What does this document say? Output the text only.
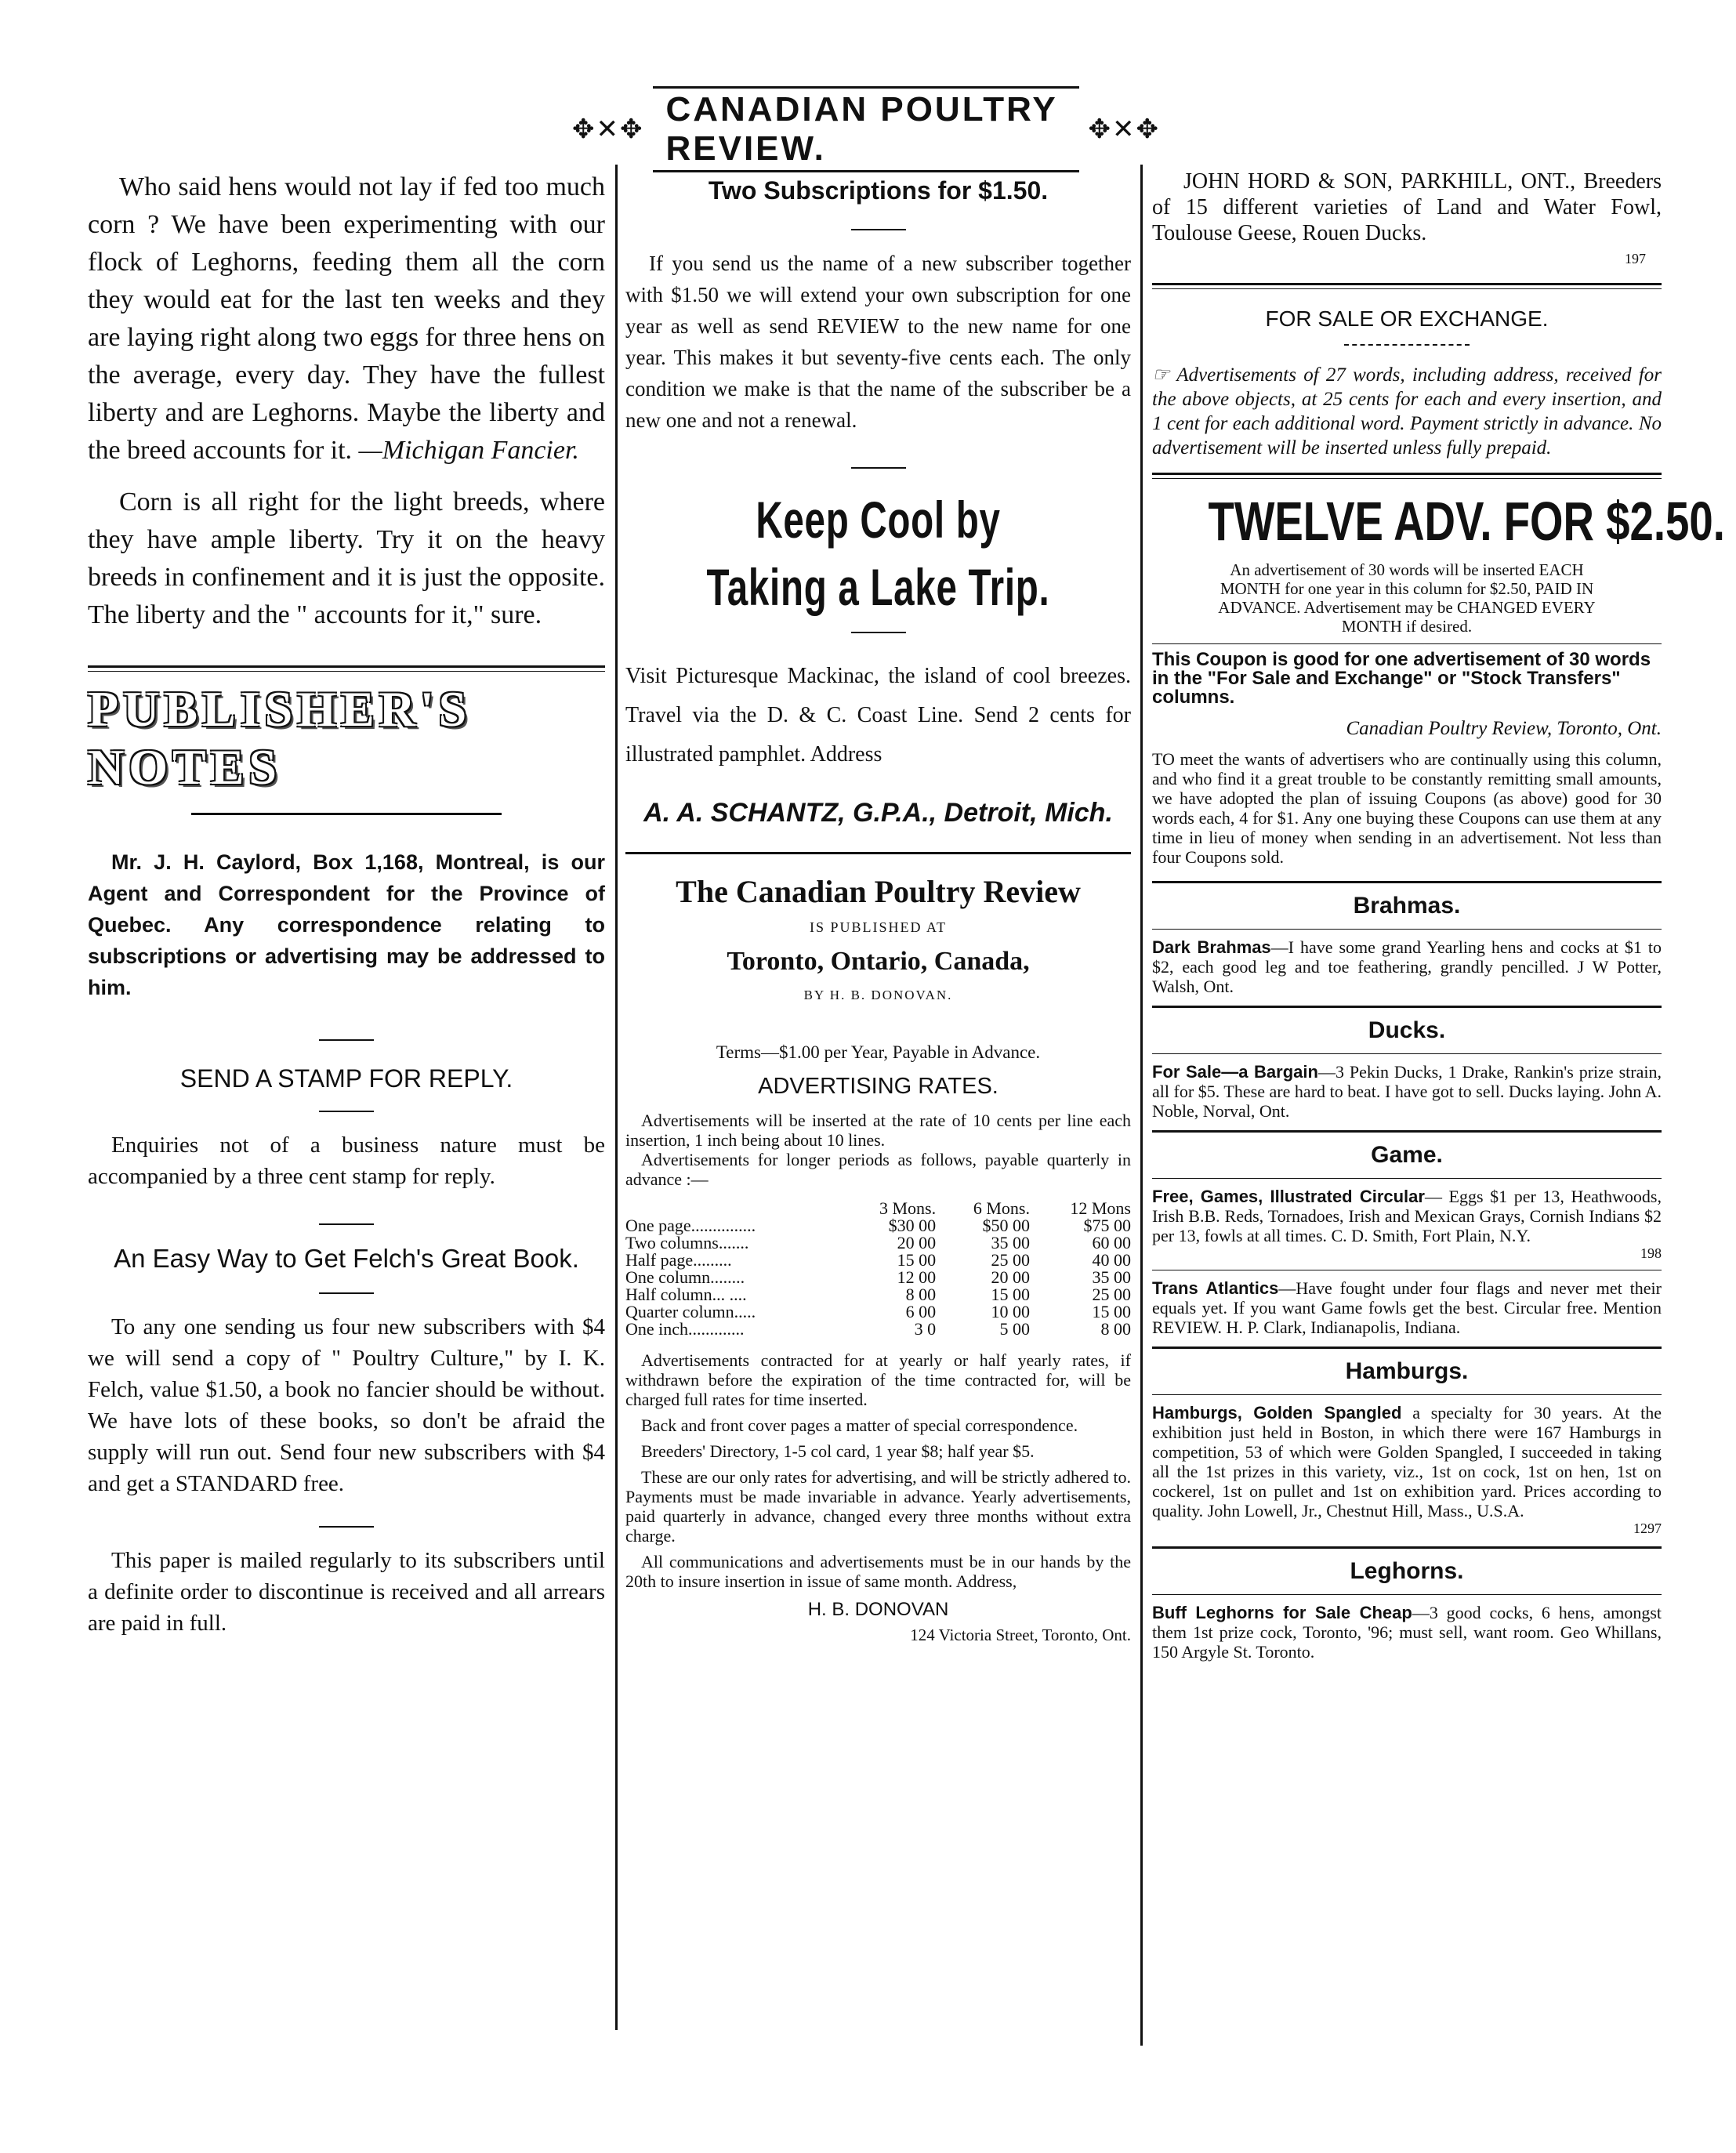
✥✕✥
CANADIAN POULTRY REVIEW.	✥✕✥

Who said hens would not lay if fed too much corn ? We have been experimenting with our flock of Leghorns, feeding them all the corn they would eat for the last ten weeks and they are laying right along two eggs for three hens on the average, every day. They have the fullest liberty and are Leghorns. Maybe the liberty and the breed accounts for it. —Michigan Fancier.

Corn is all right for the light breeds, where they have ample liberty. Try it on the heavy breeds in confinement and it is just the opposite. The liberty and the " accounts for it," sure.

PUBLISHER'S NOTES

Mr. J. H. Caylord, Box 1,168, Montreal, is our Agent and Correspondent for the Province of Quebec. Any correspondence relating to subscriptions or advertising may be addressed to him.

SEND A STAMP FOR REPLY.

Enquiries not of a business nature must be accompanied by a three cent stamp for reply.

An Easy Way to Get Felch's Great Book.

To any one sending us four new subscribers with $4 we will send a copy of " Poultry Culture," by I. K. Felch, value $1.50, a book no fancier should be without. We have lots of these books, so don't be afraid the supply will run out. Send four new subscribers with $4 and get a STANDARD free.

This paper is mailed regularly to its subscribers until a definite order to discontinue is received and all arrears are paid in full.

Two Subscriptions for $1.50.

If you send us the name of a new subscriber together with $1.50 we will extend your own subscription for one year as well as send REVIEW to the new name for one year. This makes it but seventy-five cents each. The only condition we make is that the name of the subscriber be a new one and not a renewal.

Keep Cool by Taking a Lake Trip.

Visit Picturesque Mackinac, the island of cool breezes. Travel via the D. & C. Coast Line. Send 2 cents for illustrated pamphlet. Address

A. A. SCHANTZ, G.P.A., Detroit, Mich.
The Canadian Poultry Review
IS PUBLISHED AT
Toronto, Ontario, Canada,
BY H. B. DONOVAN.
Terms—$1.00 per Year, Payable in Advance.
ADVERTISING RATES.

Advertisements will be inserted at the rate of 10 cents per line each insertion, 1 inch being about 10 lines.

Advertisements for longer periods as follows, payable quarterly in advance :—

	3 Mons.	6 Mons.	12 Mons
One page...............	$30 00	$50 00	$75 00
Two columns.......	20 00	35 00	60 00
Half page.........	15 00	25 00	40 00
One column........	12 00	20 00	35 00
Half column... ....	8 00	15 00	25 00
Quarter column.....	6 00	10 00	15 00
One inch.............	3 0	5 00	8 00

Advertisements contracted for at yearly or half yearly rates, if withdrawn before the expiration of the time contracted for, will be charged full rates for time inserted.

Back and front cover pages a matter of special correspondence.

Breeders' Directory, 1-5 col card, 1 year $8; half year $5.

These are our only rates for advertising, and will be strictly adhered to. Payments must be made invariable in advance. Yearly advertisements, paid quarterly in advance, changed every three months without extra charge.

All communications and advertisements must be in our hands by the 20th to insure insertion in issue of same month. Address,

H. B. DONOVAN
124 Victoria Street, Toronto, Ont.

JOHN HORD & SON, PARKHILL, ONT., Breeders of 15 different varieties of Land and Water Fowl, Toulouse Geese, Rouen Ducks.

197
FOR SALE OR EXCHANGE.

☞ Advertisements of 27 words, including address, received for the above objects, at 25 cents for each and every insertion, and 1 cent for each additional word. Payment strictly in advance. No advertisement will be inserted unless fully prepaid.

TWELVE ADV. FOR $2.50.

An advertisement of 30 words will be inserted EACH MONTH for one year in this column for $2.50, PAID IN ADVANCE. Advertisement may be CHANGED EVERY MONTH if desired.

This Coupon is good for one advertisement of 30 words in the "For Sale and Exchange" or "Stock Transfers" columns.

Canadian Poultry Review, Toronto, Ont.

TO meet the wants of advertisers who are continually using this column, and who find it a great trouble to be constantly remitting small amounts, we have adopted the plan of issuing Coupons (as above) good for 30 words each, 4 for $1. Any one buying these Coupons can use them at any time in lieu of money when sending in an advertisement. Not less than four Coupons sold.

Brahmas.

Dark Brahmas—I have some grand Yearling hens and cocks at $1 to $2, each good leg and toe feathering, grandly pencilled. J W Potter, Walsh, Ont.

Ducks.

For Sale—a Bargain—3 Pekin Ducks, 1 Drake, Rankin's prize strain, all for $5. These are hard to beat. I have got to sell. Ducks laying. John A. Noble, Norval, Ont.

Game.

Free, Games, Illustrated Circular— Eggs $1 per 13, Heathwoods, Irish B.B. Reds, Tornadoes, Irish and Mexican Grays, Cornish Indians $2 per 13, fowls at all times. C. D. Smith, Fort Plain, N.Y.

198

Trans Atlantics—Have fought under four flags and never met their equals yet. If you want Game fowls get the best. Circular free. Mention REVIEW. H. P. Clark, Indianapolis, Indiana.

Hamburgs.

Hamburgs, Golden Spangled a specialty for 30 years. At the exhibition just held in Boston, in which there were 167 Hamburgs in competition, 53 of which were Golden Spangled, I succeeded in taking all the 1st prizes in this variety, viz., 1st on cock, 1st on hen, 1st on cockerel, 1st on pullet and 1st on exhibition yard. Prices according to quality. John Lowell, Jr., Chestnut Hill, Mass., U.S.A.

1297
Leghorns.

Buff Leghorns for Sale Cheap—3 good cocks, 6 hens, amongst them 1st prize cock, Toronto, '96; must sell, want room. Geo Whillans, 150 Argyle St. Toronto.
